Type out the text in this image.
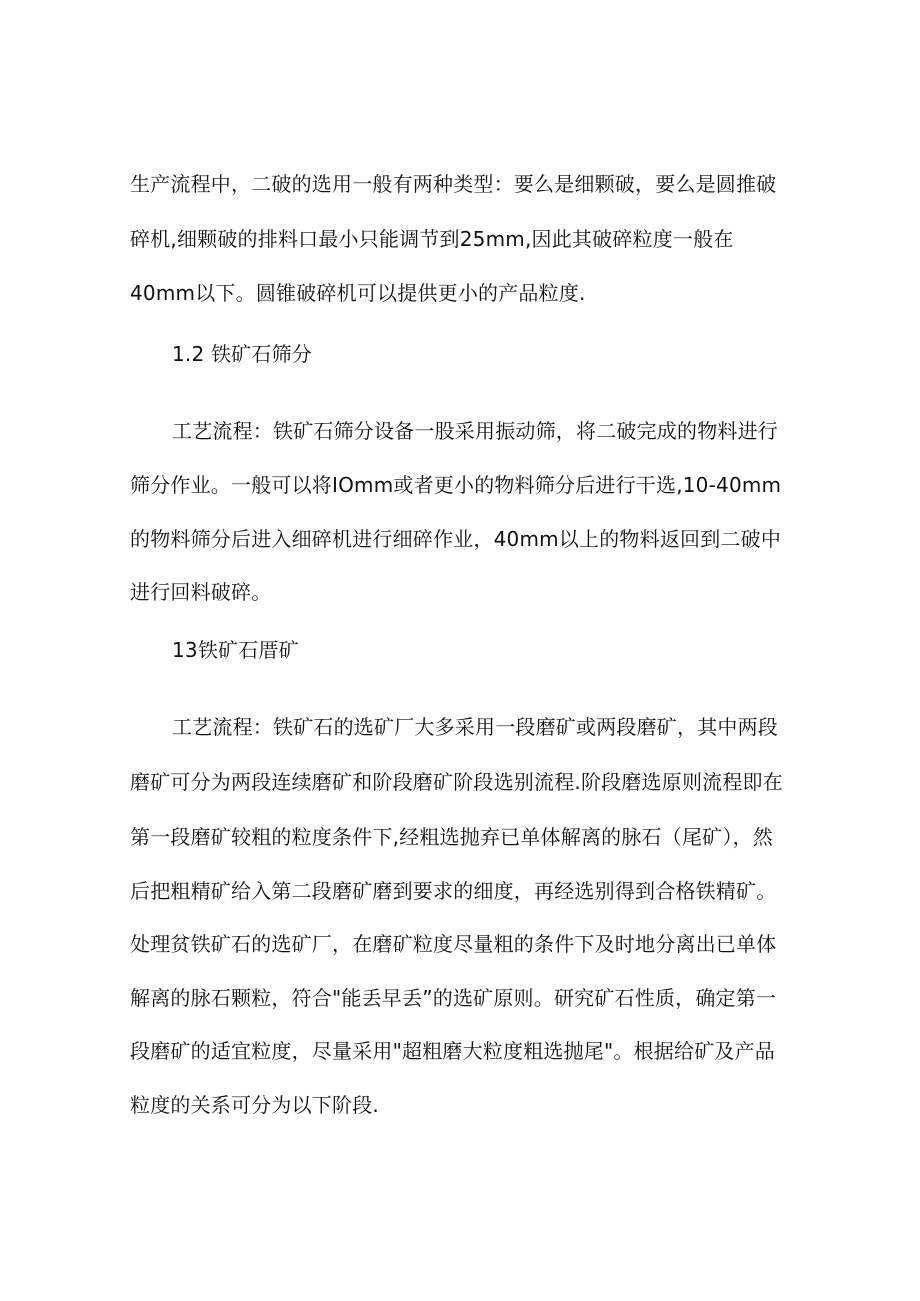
生产流程中，二破的选用一般有两种类型：要么是细颗破，要么是圆推破
碎机,细颗破的排料口最小只能调节到25mm,因此其破碎粒度一般在
40mm以下。圆锥破碎机可以提供更小的产品粒度.
1.2 铁矿石筛分
工艺流程：铁矿石筛分设备一股采用振动筛，将二破完成的物料进行
筛分作业。一般可以将IOmm或者更小的物料筛分后进行干选,10-40mm
的物料筛分后进入细碎机进行细碎作业，40mm以上的物料返回到二破中
进行回料破碎。
13铁矿石厝矿
工艺流程：铁矿石的选矿厂大多采用一段磨矿或两段磨矿，其中两段
磨矿可分为两段连续磨矿和阶段磨矿阶段选别流程.阶段磨选原则流程即在
第一段磨矿较粗的粒度条件下,经粗选抛弃已单体解离的脉石（尾矿），然
后把粗精矿给入第二段磨矿磨到要求的细度，再经选别得到合格铁精矿。
处理贫铁矿石的选矿厂，在磨矿粒度尽量粗的条件下及时地分离出已单体
解离的脉石颗粒，符合"能丢早丢”的选矿原则。研究矿石性质，确定第一
段磨矿的适宜粒度，尽量采用"超粗磨大粒度粗选抛尾"。根据给矿及产品
粒度的关系可分为以下阶段.
